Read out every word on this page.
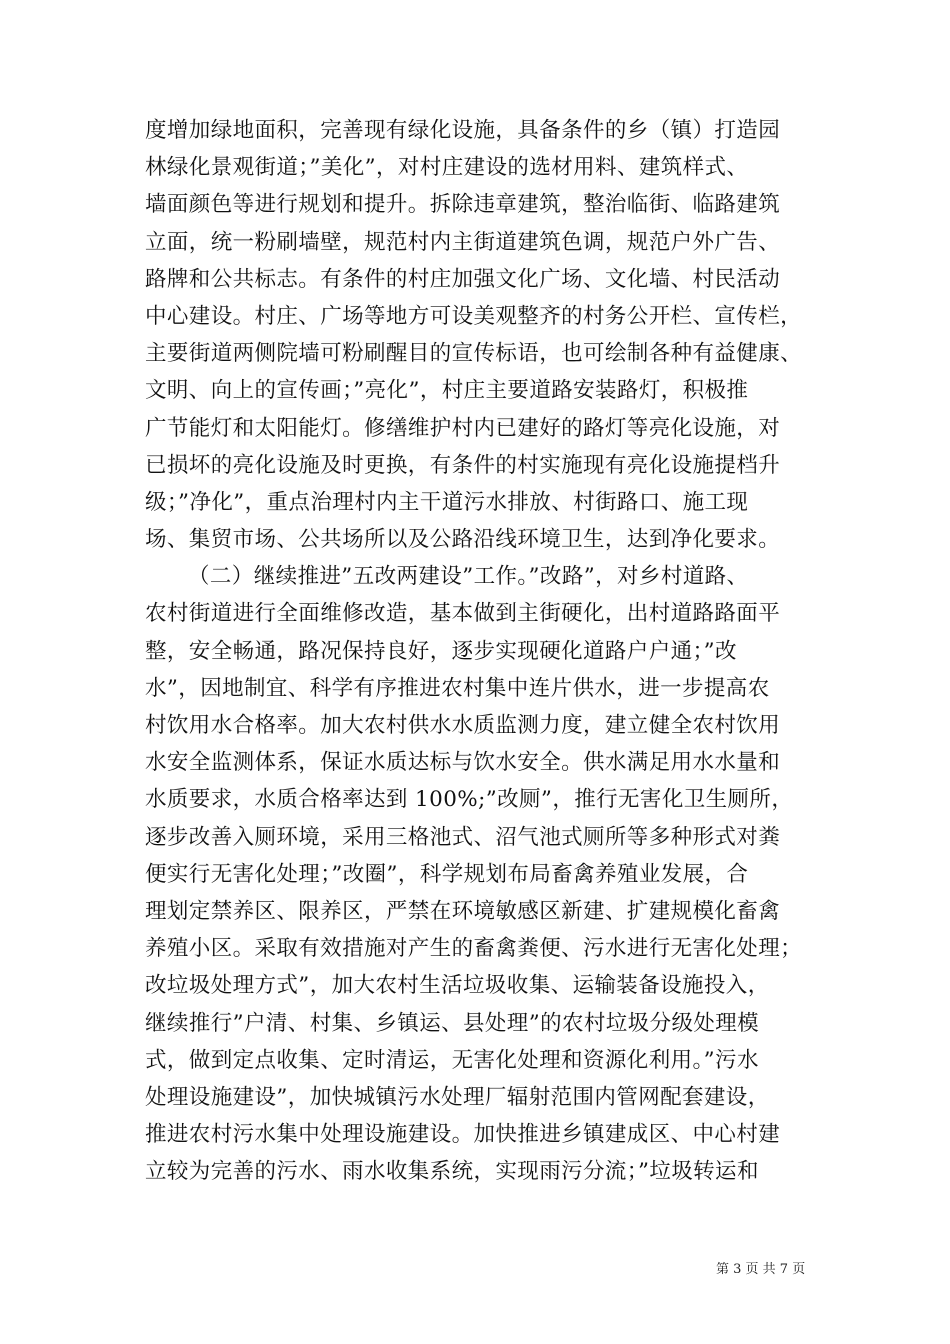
度增加绿地面积，完善现有绿化设施，具备条件的乡（镇）打造园
林绿化景观街道；”美化”，对村庄建设的选材用料、建筑样式、
墙面颜色等进行规划和提升。拆除违章建筑，整治临街、临路建筑
立面，统一粉刷墙壁，规范村内主街道建筑色调，规范户外广告、
路牌和公共标志。有条件的村庄加强文化广场、文化墙、村民活动
中心建设。村庄、广场等地方可设美观整齐的村务公开栏、宣传栏，
主要街道两侧院墙可粉刷醒目的宣传标语，也可绘制各种有益健康、
文明、向上的宣传画；”亮化”，村庄主要道路安装路灯，积极推
广节能灯和太阳能灯。修缮维护村内已建好的路灯等亮化设施，对
已损坏的亮化设施及时更换，有条件的村实施现有亮化设施提档升
级；”净化”，重点治理村内主干道污水排放、村街路口、施工现
场、集贸市场、公共场所以及公路沿线环境卫生，达到净化要求。
（二）继续推进”五改两建设”工作。”改路”，对乡村道路、
农村街道进行全面维修改造，基本做到主街硬化，出村道路路面平
整，安全畅通，路况保持良好，逐步实现硬化道路户户通；”改
水”，因地制宜、科学有序推进农村集中连片供水，进一步提高农
村饮用水合格率。加大农村供水水质监测力度，建立健全农村饮用
水安全监测体系，保证水质达标与饮水安全。供水满足用水水量和
水质要求，水质合格率达到 100%;”改厕”，推行无害化卫生厕所，
逐步改善入厕环境，采用三格池式、沼气池式厕所等多种形式对粪
便实行无害化处理；”改圈”，科学规划布局畜禽养殖业发展，合
理划定禁养区、限养区，严禁在环境敏感区新建、扩建规模化畜禽
养殖小区。采取有效措施对产生的畜禽粪便、污水进行无害化处理；
改垃圾处理方式”，加大农村生活垃圾收集、运输装备设施投入，
继续推行”户清、村集、乡镇运、县处理”的农村垃圾分级处理模
式，做到定点收集、定时清运，无害化处理和资源化利用。”污水
处理设施建设”，加快城镇污水处理厂辐射范围内管网配套建设，
推进农村污水集中处理设施建设。加快推进乡镇建成区、中心村建
立较为完善的污水、雨水收集系统，实现雨污分流；”垃圾转运和
第 3 页 共 7 页
